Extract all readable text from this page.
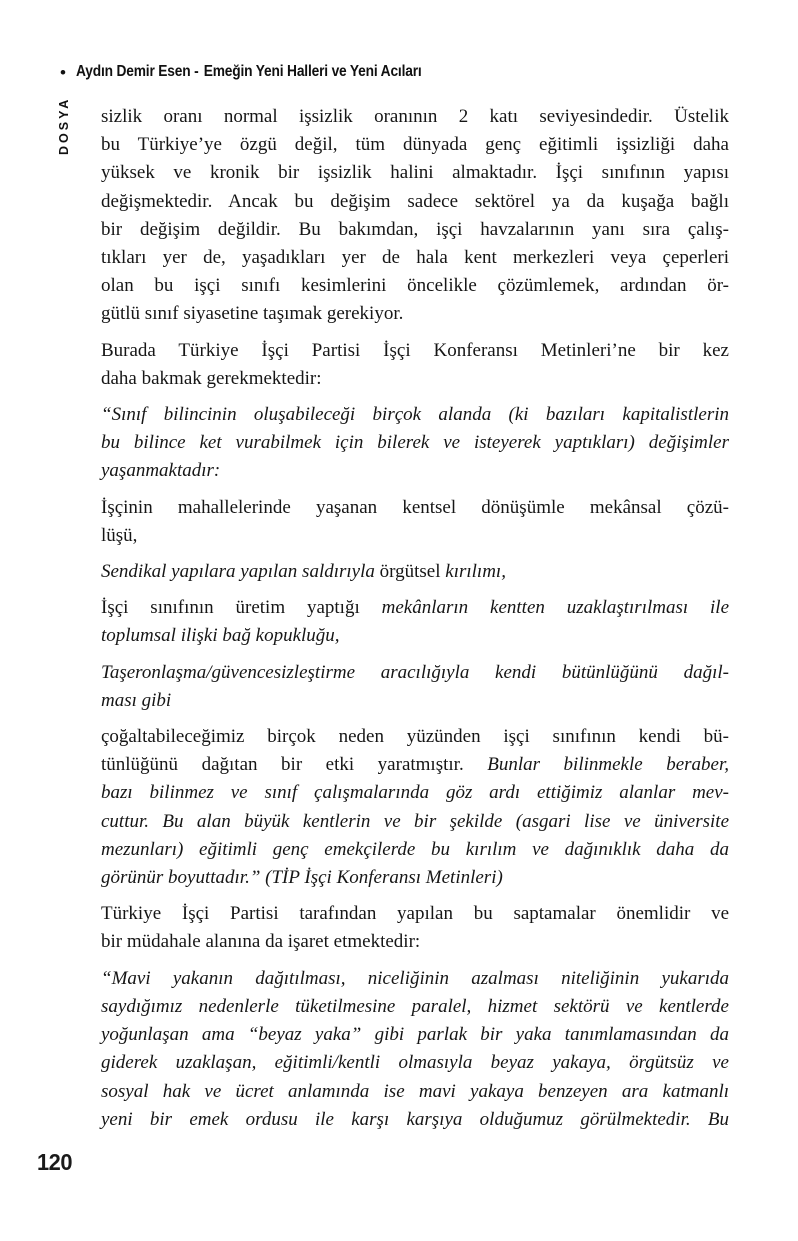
• Aydın Demir Esen - Emeğin Yeni Halleri ve Yeni Acıları
DOSYA sizlik oranı normal işsizlik oranının 2 katı seviyesindedir. Üstelik
bu Türkiye’ye özgü değil, tüm dünyada genç eğitimli işsizliği daha
yüksek ve kronik bir işsizlik halini almaktadır. İşçi sınıfının yapısı
değişmektedir. Ancak bu değişim sadece sektörel ya da kuşağa bağlı
bir değişim değildir. Bu bakımdan, işçi havzalarının yanı sıra çalış-
tıkları yer de, yaşadıkları yer de hala kent merkezleri veya çeperleri
olan bu işçi sınıfı kesimlerini öncelikle çözümlemek, ardından ör-
gütlü sınıf siyasetine taşımak gerekiyor.
Burada Türkiye İşçi Partisi İşçi Konferansı Metinleri’ne bir kez
daha bakmak gerekmektedir:
“Sınıf bilincinin oluşabileceği birçok alanda (ki bazıları kapitalistlerin
bu bilince ket vurabilmek için bilerek ve isteyerek yaptıkları) değişimler
yaşanmaktadır:
İşçinin mahallelerinde yaşanan kentsel dönüşümle mekânsal çözü-
lüşü,
Sendikal yapılara yapılan saldırıyla örgütsel kırılımı,
İşçi sınıfının üretim yaptığı mekânların kentten uzaklaştırılması ile
toplumsal ilişki bağ kopukluğu,
Taşeronlaşma/güvencesizleştirme aracılığıyla kendi bütünlüğünü dağıl-
ması gibi
çoğaltabileceğimiz birçok neden yüzünden işçi sınıfının kendi bü-
tünlüğünü dağıtan bir etki yaratmıştır. Bunlar bilinmekle beraber,
bazı bilinmez ve sınıf çalışmalarında göz ardı ettiğimiz alanlar mev-
cuttur. Bu alan büyük kentlerin ve bir şekilde (asgari lise ve üniversite
mezunları) eğitimli genç emekçilerde bu kırılım ve dağınıklık daha da
görünür boyuttadır.” (TİP İşçi Konferansı Metinleri)
Türkiye İşçi Partisi tarafından yapılan bu saptamalar önemlidir ve
bir müdahale alanına da işaret etmektedir:
“Mavi yakanın dağıtılması, niceliğinin azalması niteliğinin yukarıda
saydığımız nedenlerle tüketilmesine paralel, hizmet sektörü ve kentlerde
yoğunlaşan ama “beyaz yaka” gibi parlak bir yaka tanımlamasından da
giderek uzaklaşan, eğitimli/kentli olmasıyla beyaz yakaya, örgütsüz ve
sosyal hak ve ücret anlamında ise mavi yakaya benzeyen ara katmanlı
yeni bir emek ordusu ile karşı karşıya olduğumuz görülmektedir. Bu
120
